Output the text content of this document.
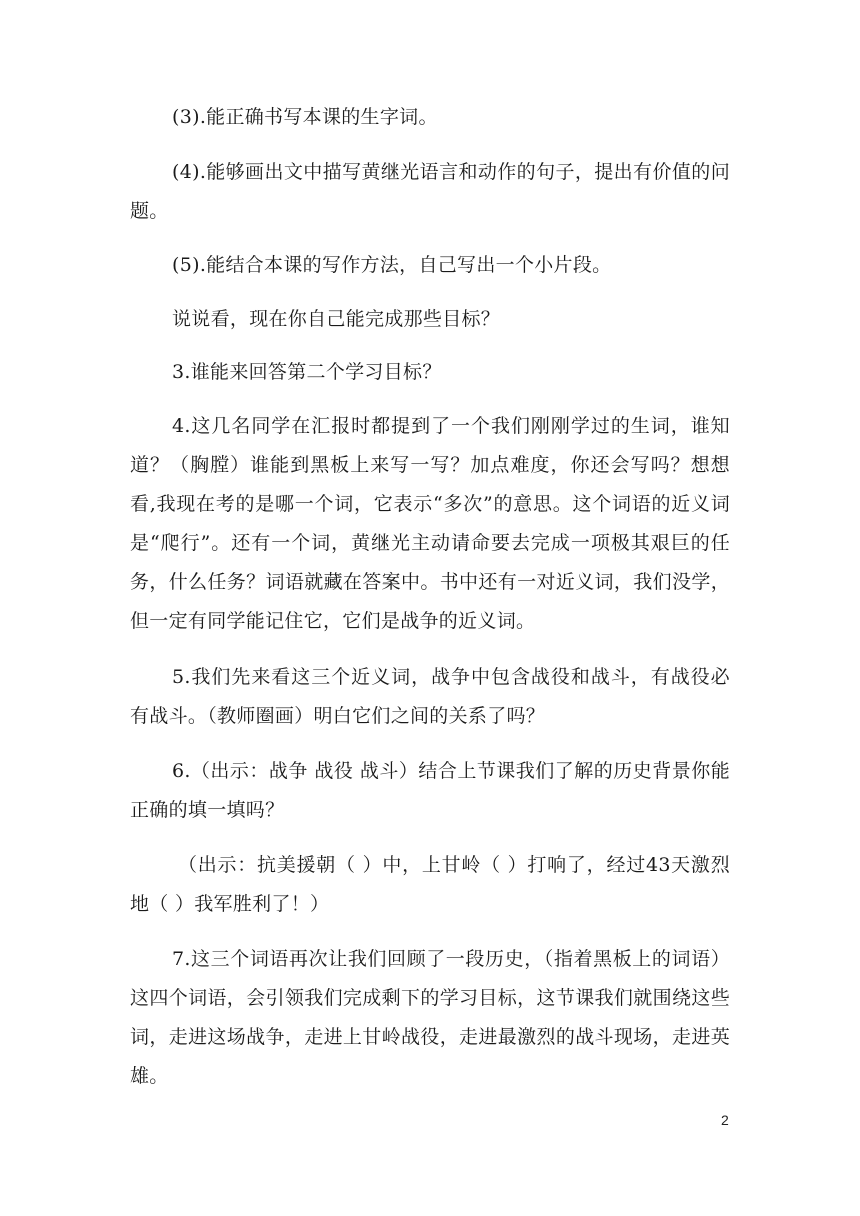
(3).能正确书写本课的生字词。

(4).能够画出文中描写黄继光语言和动作的句子，提出有价值的问题。

(5).能结合本课的写作方法，自己写出一个小片段。

说说看，现在你自己能完成那些目标？

3.谁能来回答第二个学习目标？

4.这几名同学在汇报时都提到了一个我们刚刚学过的生词，谁知道？（胸膛）谁能到黑板上来写一写？加点难度，你还会写吗？想想看,我现在考的是哪一个词，它表示“多次”的意思。这个词语的近义词是“爬行”。还有一个词，黄继光主动请命要去完成一项极其艰巨的任务，什么任务？词语就藏在答案中。书中还有一对近义词，我们没学，但一定有同学能记住它，它们是战争的近义词。

5.我们先来看这三个近义词，战争中包含战役和战斗，有战役必有战斗。（教师圈画）明白它们之间的关系了吗？

6.（出示：战争 战役 战斗）结合上节课我们了解的历史背景你能正确的填一填吗？

（出示：抗美援朝（ ）中，上甘岭（ ）打响了，经过43天激烈地（ ）我军胜利了！）

7.这三个词语再次让我们回顾了一段历史，（指着黑板上的词语）这四个词语，会引领我们完成剩下的学习目标，这节课我们就围绕这些词，走进这场战争，走进上甘岭战役，走进最激烈的战斗现场，走进英雄。

2
